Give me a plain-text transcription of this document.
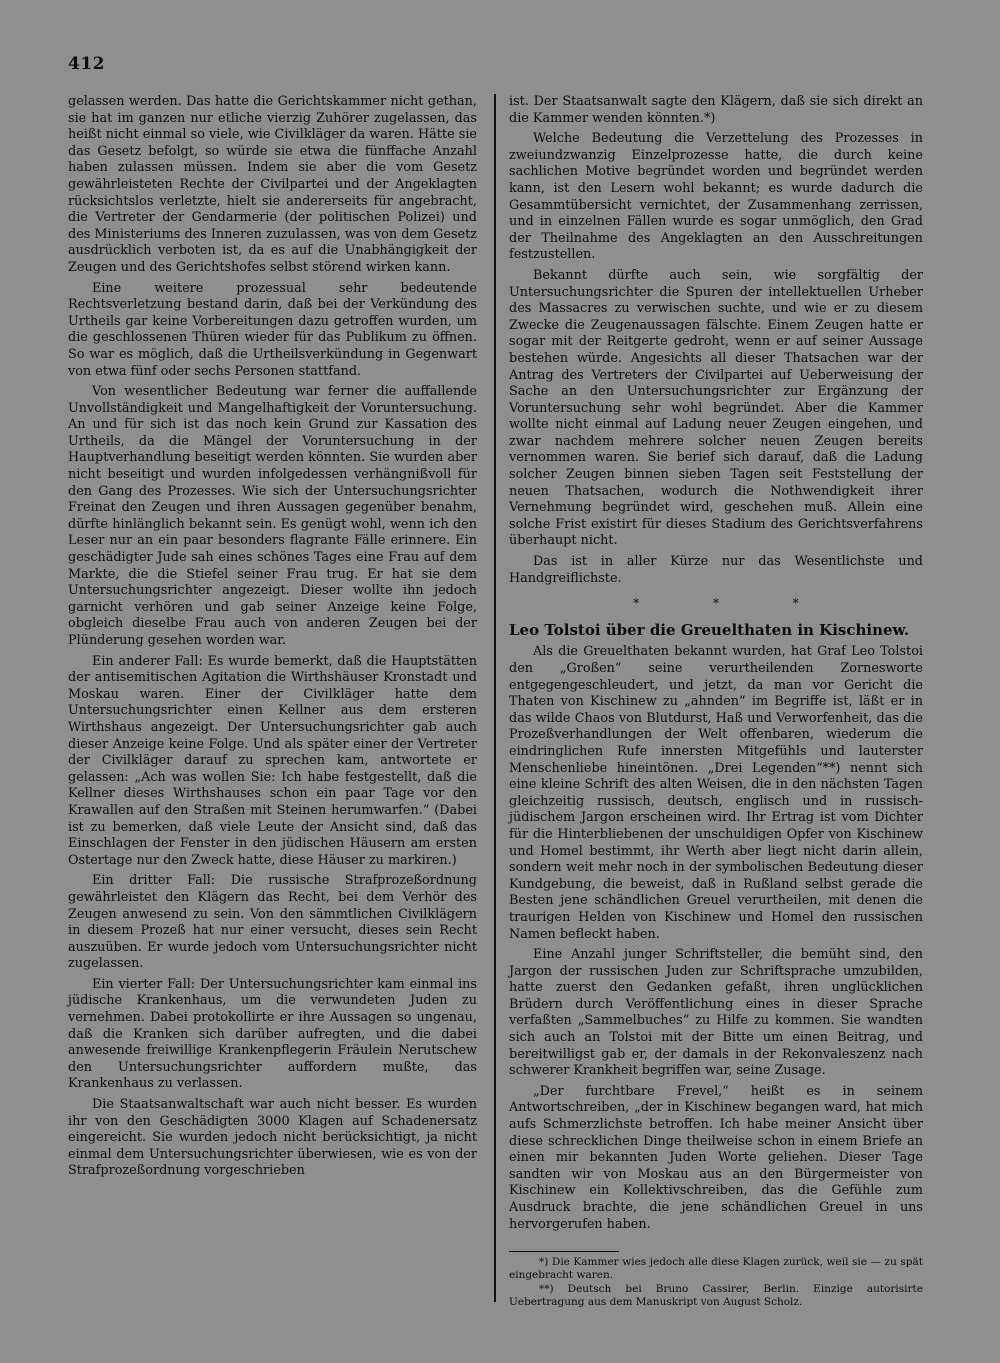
412

gelassen werden. Das hatte die Gerichtskammer nicht gethan, sie hat im ganzen nur etliche vierzig Zuhörer zugelassen, das heißt nicht einmal so viele, wie Civilkläger da waren. Hätte sie das Gesetz befolgt, so würde sie etwa die fünffache Anzahl haben zulassen müssen. Indem sie aber die vom Gesetz gewährleisteten Rechte der Civilpartei und der Angeklagten rücksichtslos verletzte, hielt sie andererseits für angebracht, die Vertreter der Gendarmerie (der politischen Polizei) und des Ministeriums des Inneren zuzulassen, was von dem Gesetz ausdrücklich verboten ist, da es auf die Unabhängigkeit der Zeugen und des Gerichtshofes selbst störend wirken kann.

Eine weitere prozessual sehr bedeutende Rechtsverletzung bestand darin, daß bei der Verkündung des Urtheils gar keine Vorbereitungen dazu getroffen wurden, um die geschlossenen Thüren wieder für das Publikum zu öffnen. So war es möglich, daß die Urtheilsverkündung in Gegenwart von etwa fünf oder sechs Personen stattfand.

Von wesentlicher Bedeutung war ferner die auffallende Unvollständigkeit und Mangelhaftigkeit der Voruntersuchung. An und für sich ist das noch kein Grund zur Kassation des Urtheils, da die Mängel der Voruntersuchung in der Hauptverhandlung beseitigt werden könnten. Sie wurden aber nicht beseitigt und wurden infolgedessen verhängnißvoll für den Gang des Prozesses. Wie sich der Untersuchungsrichter Freinat den Zeugen und ihren Aussagen gegenüber benahm, dürfte hinlänglich bekannt sein. Es genügt wohl, wenn ich den Leser nur an ein paar besonders flagrante Fälle erinnere. Ein geschädigter Jude sah eines schönes Tages eine Frau auf dem Markte, die die Stiefel seiner Frau trug. Er hat sie dem Untersuchungsrichter angezeigt. Dieser wollte ihn jedoch garnicht verhören und gab seiner Anzeige keine Folge, obgleich dieselbe Frau auch von anderen Zeugen bei der Plünderung gesehen worden war.

Ein anderer Fall: Es wurde bemerkt, daß die Hauptstätten der antisemitischen Agitation die Wirthshäuser Kronstadt und Moskau waren. Einer der Civilkläger hatte dem Untersuchungsrichter einen Kellner aus dem ersteren Wirthshaus angezeigt. Der Untersuchungsrichter gab auch dieser Anzeige keine Folge. Und als später einer der Vertreter der Civilkläger darauf zu sprechen kam, antwortete er gelassen: „Ach was wollen Sie: Ich habe festgestellt, daß die Kellner dieses Wirthshauses schon ein paar Tage vor den Krawallen auf den Straßen mit Steinen herumwarfen.“ (Dabei ist zu bemerken, daß viele Leute der Ansicht sind, daß das Einschlagen der Fenster in den jüdischen Häusern am ersten Ostertage nur den Zweck hatte, diese Häuser zu markiren.)

Ein dritter Fall: Die russische Strafprozeßordnung gewährleistet den Klägern das Recht, bei dem Verhör des Zeugen anwesend zu sein. Von den sämmtlichen Civilklägern in diesem Prozeß hat nur einer versucht, dieses sein Recht auszuüben. Er wurde jedoch vom Untersuchungsrichter nicht zugelassen.

Ein vierter Fall: Der Untersuchungsrichter kam einmal ins jüdische Krankenhaus, um die verwundeten Juden zu vernehmen. Dabei protokollirte er ihre Aussagen so ungenau, daß die Kranken sich darüber aufregten, und die dabei anwesende freiwillige Krankenpflegerin Fräulein Nerutschew den Untersuchungsrichter auffordern mußte, das Krankenhaus zu verlassen.

Die Staatsanwaltschaft war auch nicht besser. Es wurden ihr von den Geschädigten 3000 Klagen auf Schadenersatz eingereicht. Sie wurden jedoch nicht berücksichtigt, ja nicht einmal dem Untersuchungsrichter überwiesen, wie es von der Strafprozeßordnung vorgeschrieben

ist. Der Staatsanwalt sagte den Klägern, daß sie sich direkt an die Kammer wenden könnten.*)

Welche Bedeutung die Verzettelung des Prozesses in zweiundzwanzig Einzelprozesse hatte, die durch keine sachlichen Motive begründet worden und begründet werden kann, ist den Lesern wohl bekannt; es wurde dadurch die Gesammtübersicht vernichtet, der Zusammenhang zerrissen, und in einzelnen Fällen wurde es sogar unmöglich, den Grad der Theilnahme des Angeklagten an den Ausschreitungen festzustellen.

Bekannt dürfte auch sein, wie sorgfältig der Untersuchungsrichter die Spuren der intellektuellen Urheber des Massacres zu verwischen suchte, und wie er zu diesem Zwecke die Zeugenaussagen fälschte. Einem Zeugen hatte er sogar mit der Reitgerte gedroht, wenn er auf seiner Aussage bestehen würde. Angesichts all dieser Thatsachen war der Antrag des Vertreters der Civilpartei auf Ueberweisung der Sache an den Untersuchungsrichter zur Ergänzung der Voruntersuchung sehr wohl begründet. Aber die Kammer wollte nicht einmal auf Ladung neuer Zeugen eingehen, und zwar nachdem mehrere solcher neuen Zeugen bereits vernommen waren. Sie berief sich darauf, daß die Ladung solcher Zeugen binnen sieben Tagen seit Feststellung der neuen Thatsachen, wodurch die Nothwendigkeit ihrer Vernehmung begründet wird, geschehen muß. Allein eine solche Frist existirt für dieses Stadium des Gerichtsverfahrens überhaupt nicht.

Das ist in aller Kürze nur das Wesentlichste und Handgreiflichste.

* * *
Leo Tolstoi über die Greuelthaten in Kischinew.

Als die Greuelthaten bekannt wurden, hat Graf Leo Tolstoi den „Großen“ seine verurtheilenden Zornesworte entgegengeschleudert, und jetzt, da man vor Gericht die Thaten von Kischinew zu „ahnden“ im Begriffe ist, läßt er in das wilde Chaos von Blutdurst, Haß und Verworfenheit, das die Prozeßverhandlungen der Welt offenbaren, wiederum die eindringlichen Rufe innersten Mitgefühls und lauterster Menschenliebe hineintönen. „Drei Legenden“**) nennt sich eine kleine Schrift des alten Weisen, die in den nächsten Tagen gleichzeitig russisch, deutsch, englisch und in russisch-jüdischem Jargon erscheinen wird. Ihr Ertrag ist vom Dichter für die Hinterbliebenen der unschuldigen Opfer von Kischinew und Homel bestimmt, ihr Werth aber liegt nicht darin allein, sondern weit mehr noch in der symbolischen Bedeutung dieser Kundgebung, die beweist, daß in Rußland selbst gerade die Besten jene schändlichen Greuel verurtheilen, mit denen die traurigen Helden von Kischinew und Homel den russischen Namen befleckt haben.

Eine Anzahl junger Schriftsteller, die bemüht sind, den Jargon der russischen Juden zur Schriftsprache umzubilden, hatte zuerst den Gedanken gefaßt, ihren unglücklichen Brüdern durch Veröffentlichung eines in dieser Sprache verfaßten „Sammelbuches“ zu Hilfe zu kommen. Sie wandten sich auch an Tolstoi mit der Bitte um einen Beitrag, und bereitwilligst gab er, der damals in der Rekonvaleszenz nach schwerer Krankheit begriffen war, seine Zusage.

„Der furchtbare Frevel,“ heißt es in seinem Antwortschreiben, „der in Kischinew begangen ward, hat mich aufs Schmerzlichste betroffen. Ich habe meiner Ansicht über diese schrecklichen Dinge theilweise schon in einem Briefe an einen mir bekannten Juden Worte geliehen. Dieser Tage sandten wir von Moskau aus an den Bürgermeister von Kischinew ein Kollektivschreiben, das die Gefühle zum Ausdruck brachte, die jene schändlichen Greuel in uns hervorgerufen haben.

*) Die Kammer wies jedoch alle diese Klagen zurück, weil sie — zu spät eingebracht waren.

**) Deutsch bei Bruno Cassirer, Berlin. Einzige autorisirte Uebertragung aus dem Manuskript von August Scholz.
